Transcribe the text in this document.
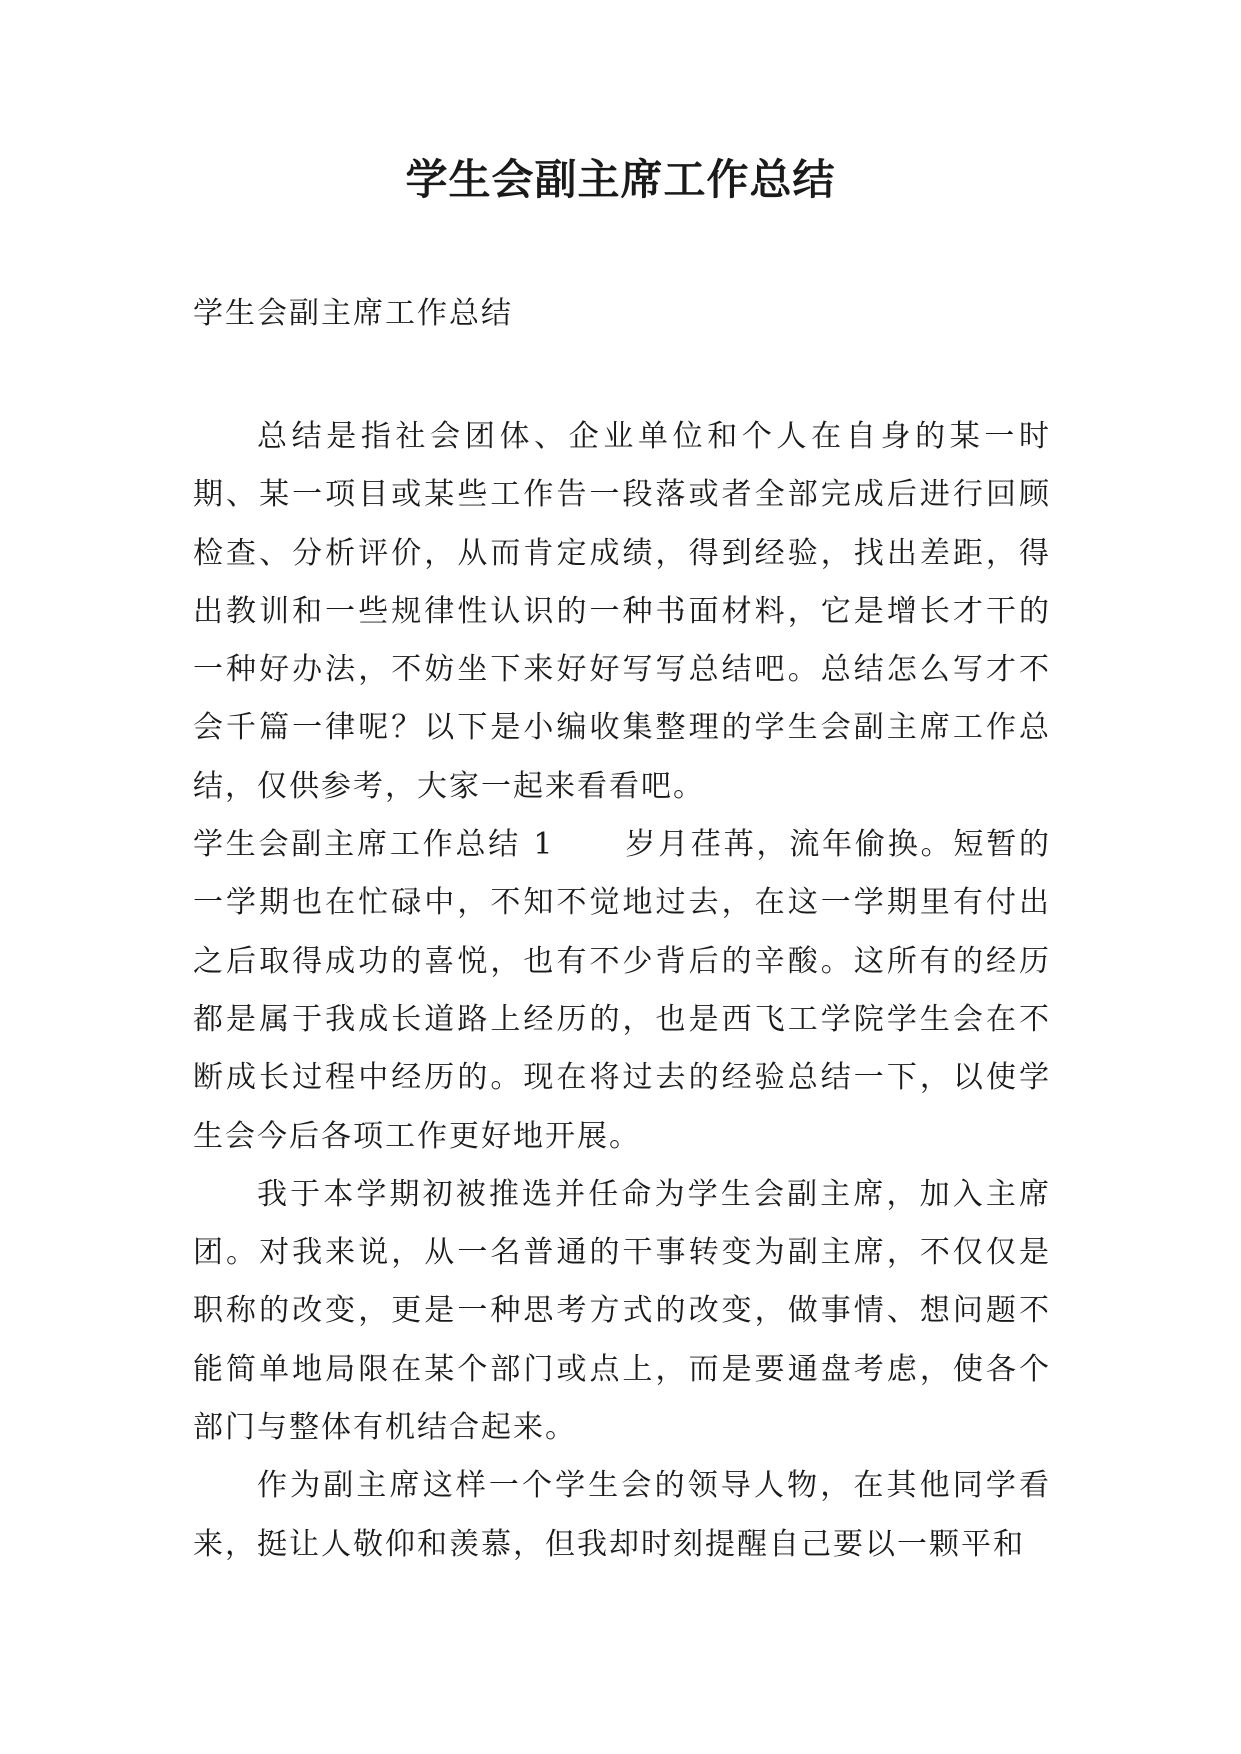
学生会副主席工作总结
学生会副主席工作总结

总结是指社会团体、企业单位和个人在自身的某一时期、某一项目或某些工作告一段落或者全部完成后进行回顾检查、分析评价，从而肯定成绩，得到经验，找出差距，得出教训和一些规律性认识的一种书面材料，它是增长才干的一种好办法，不妨坐下来好好写写总结吧。总结怎么写才不会千篇一律呢？以下是小编收集整理的学生会副主席工作总结，仅供参考，大家一起来看看吧。

学生会副主席工作总结 1 岁月荏苒，流年偷换。短暂的一学期也在忙碌中，不知不觉地过去，在这一学期里有付出之后取得成功的喜悦，也有不少背后的辛酸。这所有的经历都是属于我成长道路上经历的，也是西飞工学院学生会在不断成长过程中经历的。现在将过去的经验总结一下，以使学生会今后各项工作更好地开展。

我于本学期初被推选并任命为学生会副主席，加入主席团。对我来说，从一名普通的干事转变为副主席，不仅仅是职称的改变，更是一种思考方式的改变，做事情、想问题不能简单地局限在某个部门或点上，而是要通盘考虑，使各个部门与整体有机结合起来。

作为副主席这样一个学生会的领导人物，在其他同学看来，挺让人敬仰和羡慕，但我却时刻提醒自己要以一颗平和
